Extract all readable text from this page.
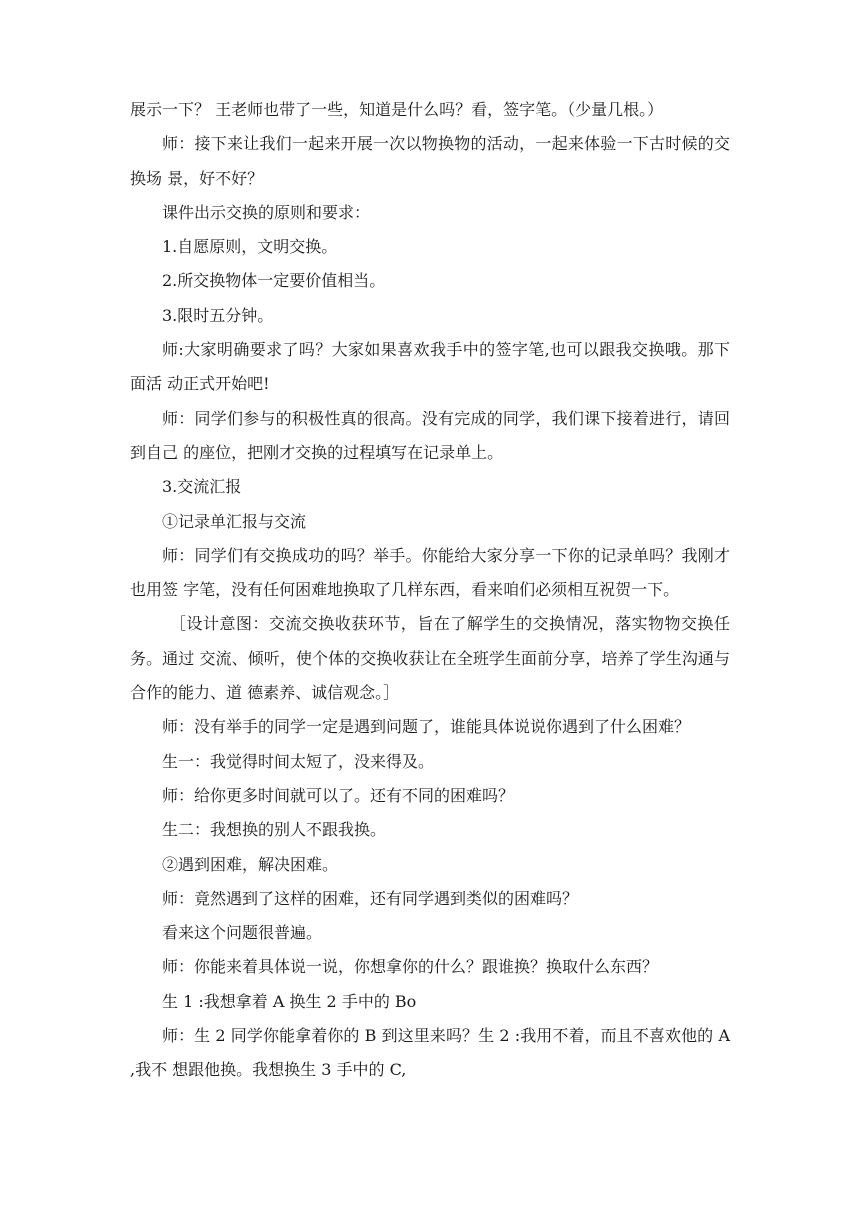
展示一下？ 王老师也带了一些，知道是什么吗？看，签字笔。（少量几根。）

师：接下来让我们一起来开展一次以物换物的活动，一起来体验一下古时候的交换场 景，好不好？

课件出示交换的原则和要求：

1.自愿原则，文明交换。

2.所交换物体一定要价值相当。

3.限时五分钟。

师:大家明确要求了吗？大家如果喜欢我手中的签字笔,也可以跟我交换哦。那下面活 动正式开始吧!

师：同学们参与的积极性真的很高。没有完成的同学，我们课下接着进行，请回到自己 的座位，把刚才交换的过程填写在记录单上。

3.交流汇报

①记录单汇报与交流

师：同学们有交换成功的吗？举手。你能给大家分享一下你的记录单吗？我刚才也用签 字笔，没有任何困难地换取了几样东西，看来咱们必须相互祝贺一下。

［设计意图：交流交换收获环节，旨在了解学生的交换情况，落实物物交换任务。通过 交流、倾听，使个体的交换收获让在全班学生面前分享，培养了学生沟通与合作的能力、道 德素养、诚信观念。］

师：没有举手的同学一定是遇到问题了，谁能具体说说你遇到了什么困难？

生一：我觉得时间太短了，没来得及。

师：给你更多时间就可以了。还有不同的困难吗？

生二：我想换的别人不跟我换。

②遇到困难，解决困难。

师：竟然遇到了这样的困难，还有同学遇到类似的困难吗？

看来这个问题很普遍。

师：你能来着具体说一说，你想拿你的什么？跟谁换？换取什么东西？

生 1 :我想拿着 A 换生 2 手中的 Bo

师：生 2 同学你能拿着你的 B 到这里来吗？生 2 :我用不着，而且不喜欢他的 A ,我不 想跟他换。我想换生 3 手中的 C,
